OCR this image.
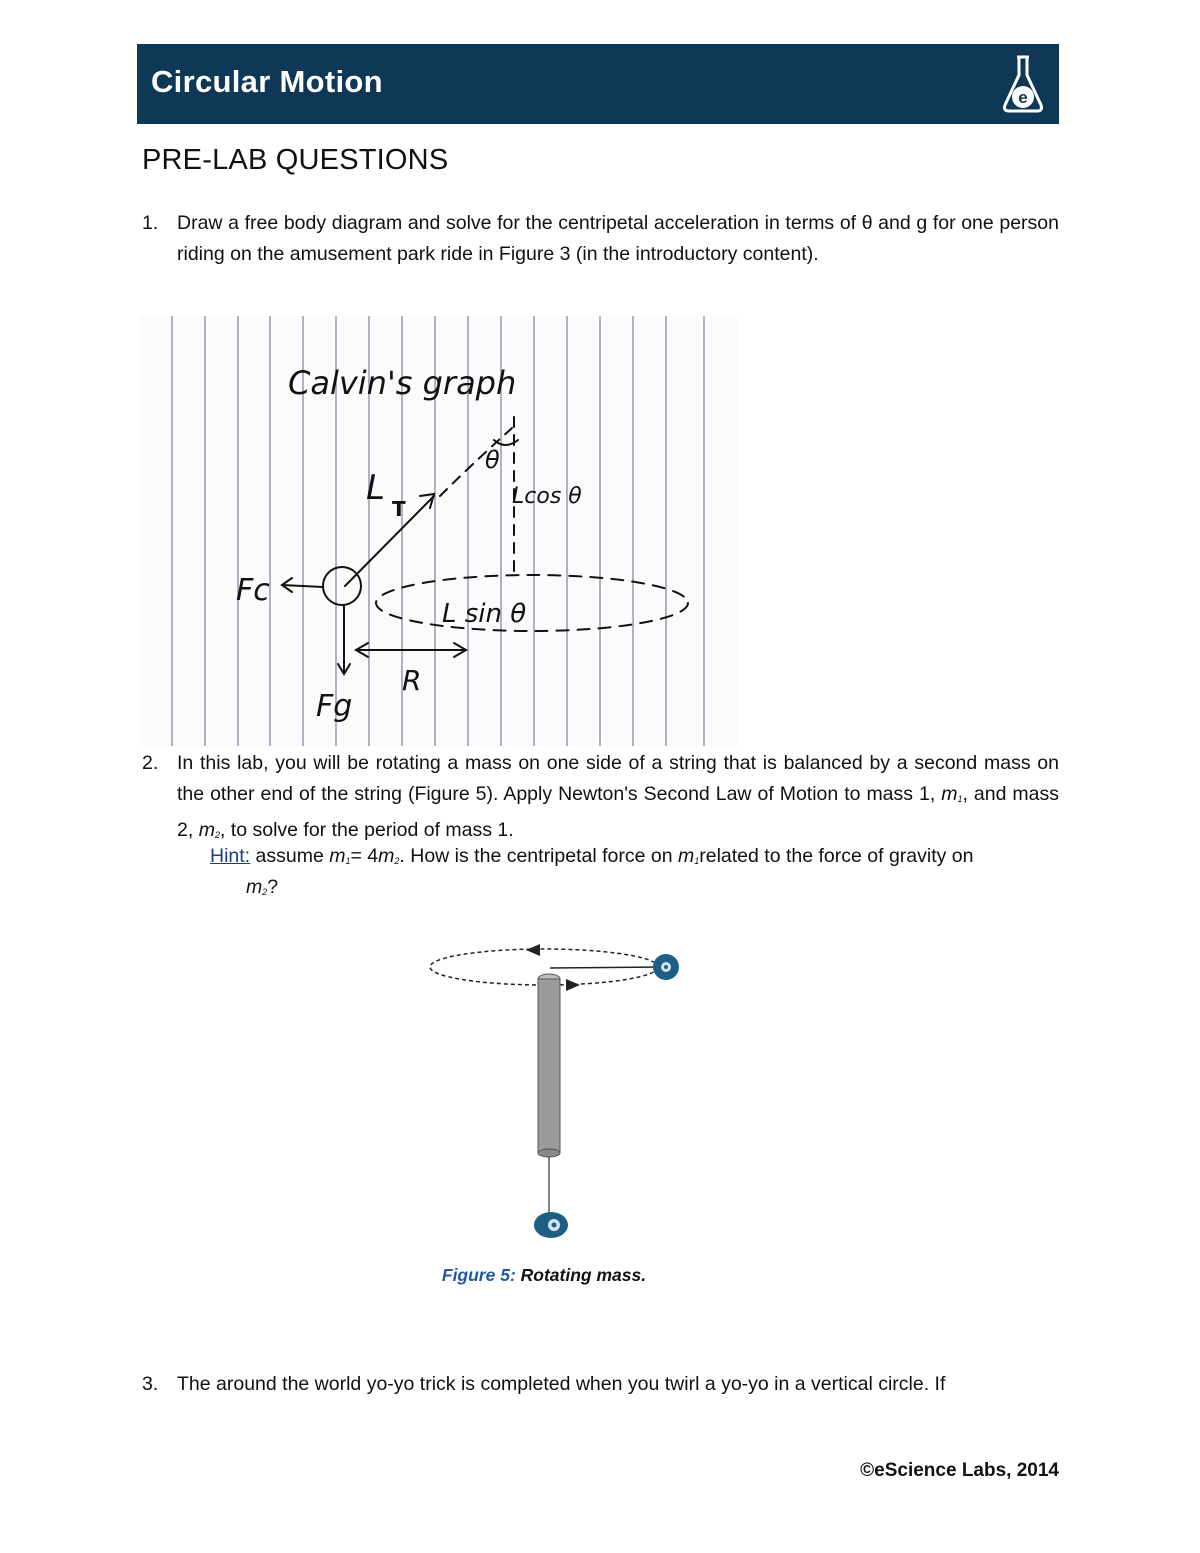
Circular Motion	e
PRE-LAB QUESTIONS
1. Draw a free body diagram and solve for the centripetal acceleration in terms of θ and g for one person riding on the amusement park ride in Figure 3 (in the introductory content).
Calvin's graph
L
T
θ
Lcos θ
L sin θ
Fc
Fg
R
2. In this lab, you will be rotating a mass on one side of a string that is balanced by a second mass on the other end of the string (Figure 5). Apply Newton's Second Law of Motion to mass 1, $m_1$, and mass 2, $m_2$, to solve for the period of mass 1.
Hint: assume $m_1= 4m_2$. How is the centripetal force on $m_1related$ to the force of gravity on
$m_2$?
Figure 5: Rotating mass.
3. The around the world yo-yo trick is completed when you twirl a yo-yo in a vertical circle. If
©eScience Labs, 2014
